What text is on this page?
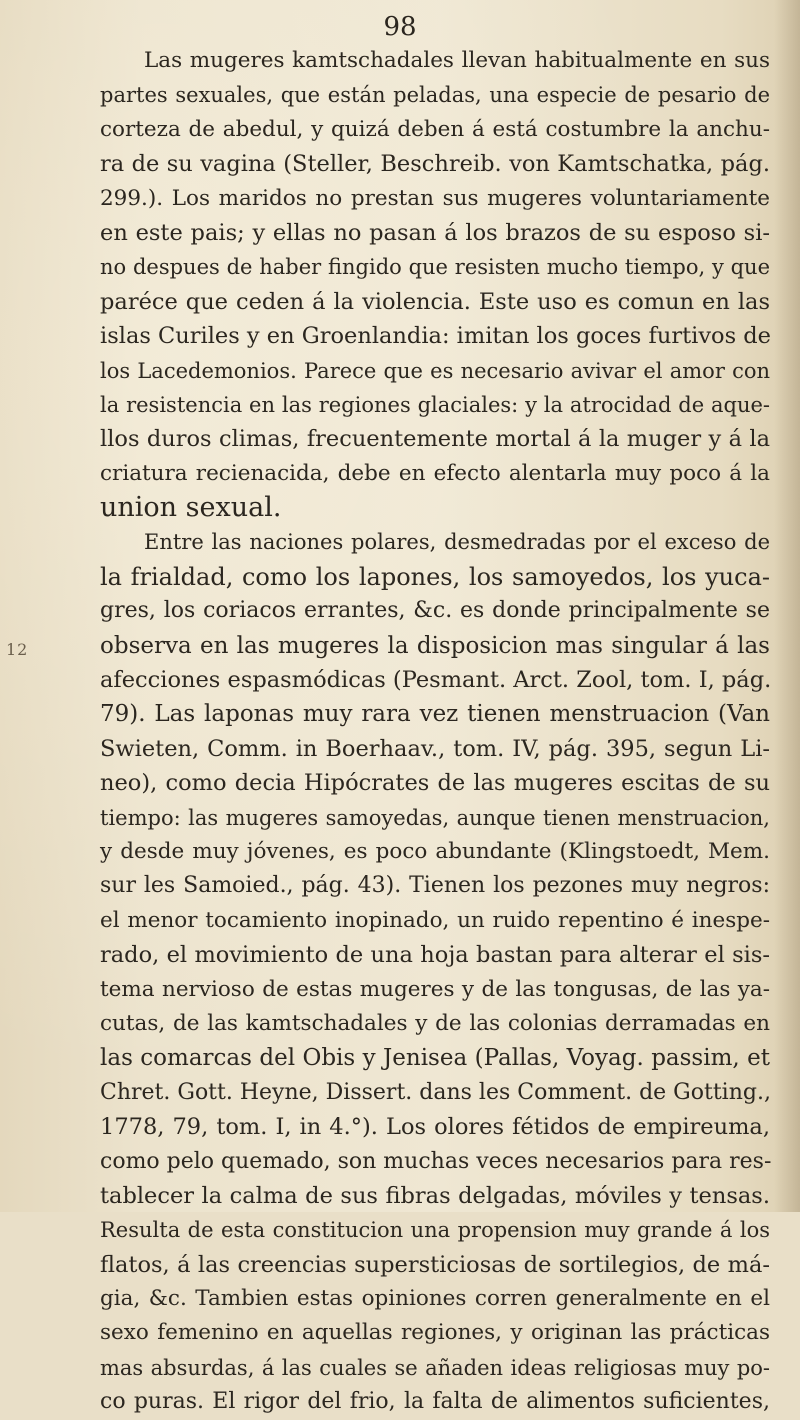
12
98
Las mugeres kamtschadales llevan habitualmente en sus
partes sexuales, que están peladas, una especie de pesario de
corteza de abedul, y quizá deben á está costumbre la anchu-
ra de su vagina (Steller, Beschreib. von Kamtschatka, pág.
299.). Los maridos no prestan sus mugeres voluntariamente
en este pais; y ellas no pasan á los brazos de su esposo si-
no despues de haber fingido que resisten mucho tiempo, y que
paréce que ceden á la violencia. Este uso es comun en las
islas Curiles y en Groenlandia: imitan los goces furtivos de
los Lacedemonios. Parece que es necesario avivar el amor con
la resistencia en las regiones glaciales: y la atrocidad de aque-
llos duros climas, frecuentemente mortal á la muger y á la
criatura recienacida, debe en efecto alentarla muy poco á la
union sexual.
Entre las naciones polares, desmedradas por el exceso de
la frialdad, como los lapones, los samoyedos, los yuca-
gres, los coriacos errantes, &c. es donde principalmente se
observa en las mugeres la disposicion mas singular á las
afecciones espasmódicas (Pesmant. Arct. Zool, tom. I, pág.
79). Las laponas muy rara vez tienen menstruacion (Van
Swieten, Comm. in Boerhaav., tom. IV, pág. 395, segun Li-
neo), como decia Hipócrates de las mugeres escitas de su
tiempo: las mugeres samoyedas, aunque tienen menstruacion,
y desde muy jóvenes, es poco abundante (Klingstoedt, Mem.
sur les Samoied., pág. 43). Tienen los pezones muy negros:
el menor tocamiento inopinado, un ruido repentino é inespe-
rado, el movimiento de una hoja bastan para alterar el sis-
tema nervioso de estas mugeres y de las tongusas, de las ya-
cutas, de las kamtschadales y de las colonias derramadas en
las comarcas del Obis y Jenisea (Pallas, Voyag. passim, et
Chret. Gott. Heyne, Dissert. dans les Comment. de Gotting.,
1778, 79, tom. I, in 4.°). Los olores fétidos de empireuma,
como pelo quemado, son muchas veces necesarios para res-
tablecer la calma de sus fibras delgadas, móviles y tensas.
Resulta de esta constitucion una propension muy grande á los
flatos, á las creencias supersticiosas de sortilegios, de má-
gia, &c. Tambien estas opiniones corren generalmente en el
sexo femenino en aquellas regiones, y originan las prácticas
mas absurdas, á las cuales se añaden ideas religiosas muy po-
co puras. El rigor del frio, la falta de alimentos suficientes,
